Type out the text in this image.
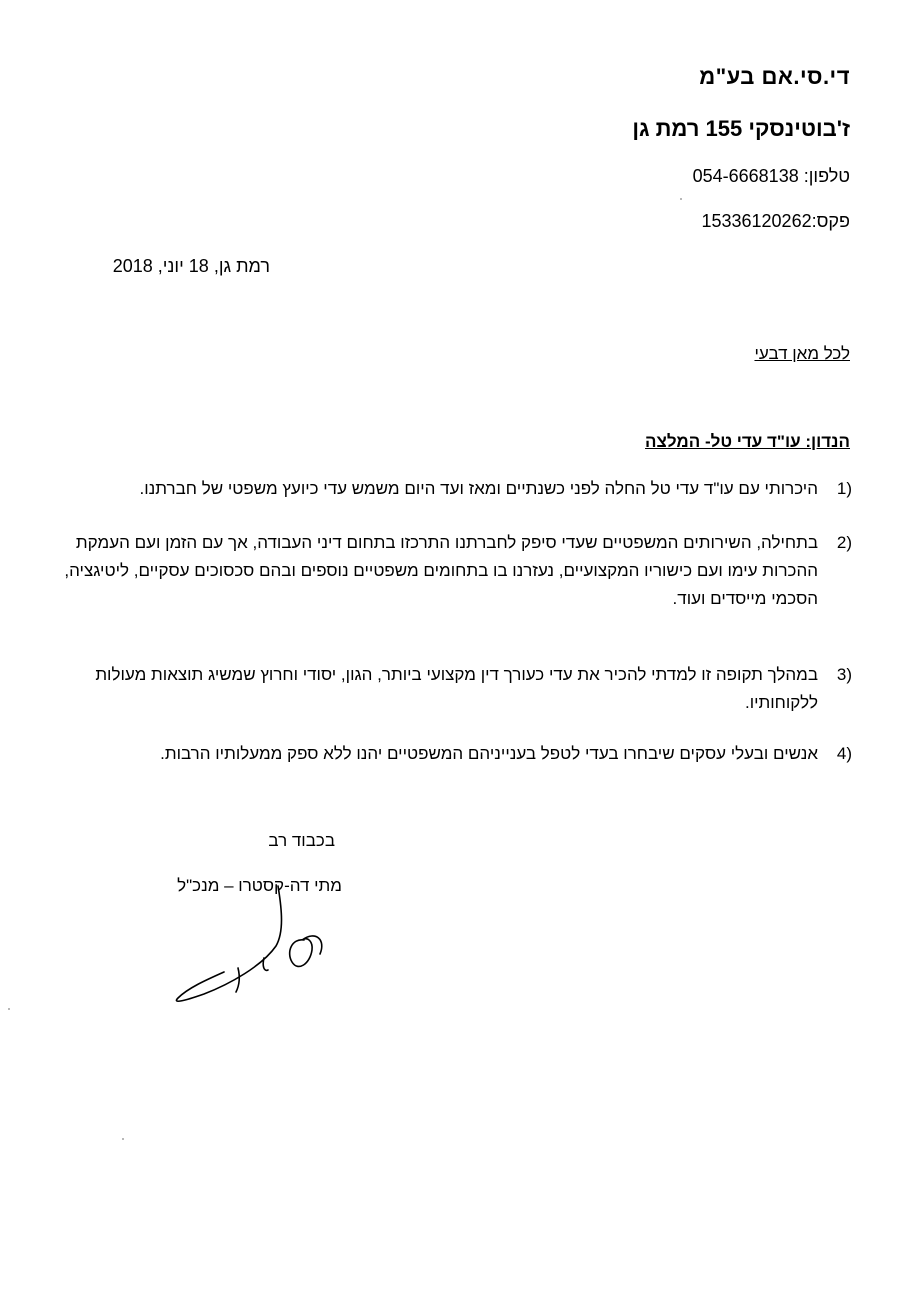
די.סי.אם בע"מ
ז'בוטינסקי 155 רמת גן
טלפון: 054-6668138
פקס:15336120262
רמת גן, 18 יוני, 2018
לכל מאן דבעי
הנדון: עו"ד עדי טל- המלצה
1)
היכרותי עם עו"ד עדי טל החלה לפני כשנתיים ומאז ועד היום משמש עדי כיועץ משפטי של חברתנו.
2)
בתחילה, השירותים המשפטיים שעדי סיפק לחברתנו התרכזו בתחום דיני העבודה, אך עם הזמן ועם העמקת ההכרות עימו ועם כישוריו המקצועיים, נעזרנו בו בתחומים משפטיים נוספים ובהם סכסוכים עסקיים, ליטיגציה, הסכמי מייסדים ועוד.
3)
במהלך תקופה זו למדתי להכיר את עדי כעורך דין מקצועי ביותר, הגון, יסודי וחרוץ שמשיג תוצאות מעולות ללקוחותיו.
4)
אנשים ובעלי עסקים שיבחרו בעדי לטפל בענייניהם המשפטיים יהנו ללא ספק ממעלותיו הרבות.
בכבוד רב
מתי דה-קסטרו – מנכ"ל
